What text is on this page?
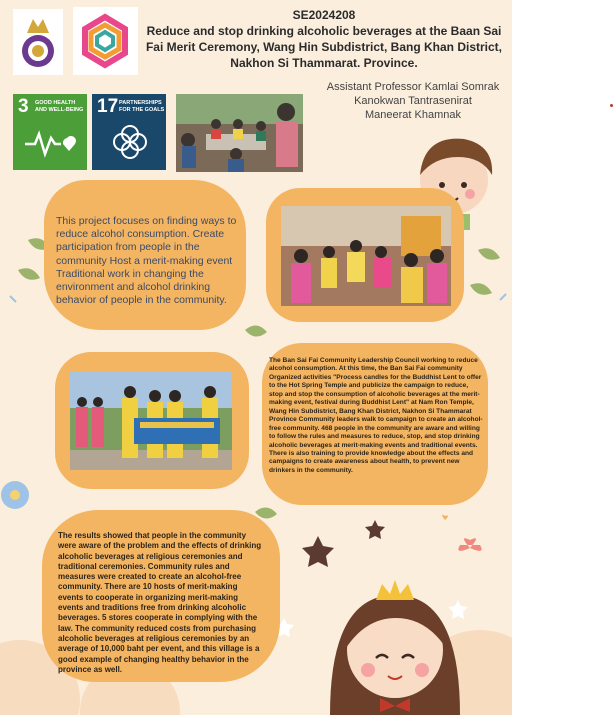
SE2024208
Reduce and stop drinking alcoholic beverages at the Baan Sai Fai Merit Ceremony, Wang Hin Subdistrict, Bang Khan District, Nakhon Si Thammarat. Province.
Assistant Professor Kamlai Somrak
Kanokwan Tantrasenirat
Maneerat Khamnak
3 GOOD HEALTH
AND WELL-BEING 17 PARTNERSHIPS
FOR THE GOALS
This project focuses on finding ways to reduce alcohol consumption. Create participation from people in the community Host a merit-making event Traditional work in changing the environment and alcohol drinking behavior of people in the community.
The Ban Sai Fai Community Leadership Council working to reduce alcohol consumption. At this time, the Ban Sai Fai community Organized activities "Process candles for the Buddhist Lent to offer to the Hot Spring Temple and publicize the campaign to reduce, stop and stop the consumption of alcoholic beverages at the merit-making event, festival during Buddhist Lent" at Nam Ron Temple, Wang Hin Subdistrict, Bang Khan District, Nakhon Si Thammarat Province Community leaders walk to campaign to create an alcohol-free community. 468 people in the community are aware and willing to follow the rules and measures to reduce, stop, and stop drinking alcoholic beverages at merit-making events and traditional events. There is also training to provide knowledge about the effects and campaigns to create awareness about health, to prevent new drinkers in the community.
The results showed that people in the community were aware of the problem and the effects of drinking alcoholic beverages at religious ceremonies and traditional ceremonies. Community rules and measures were created to create an alcohol-free community. There are 10 hosts of merit-making events to cooperate in organizing merit-making events and traditions free from drinking alcoholic beverages. 5 stores cooperate in complying with the law. The community reduced costs from purchasing alcoholic beverages at religious ceremonies by an average of 10,000 baht per event, and this village is a good example of changing healthy behavior in the province as well.
